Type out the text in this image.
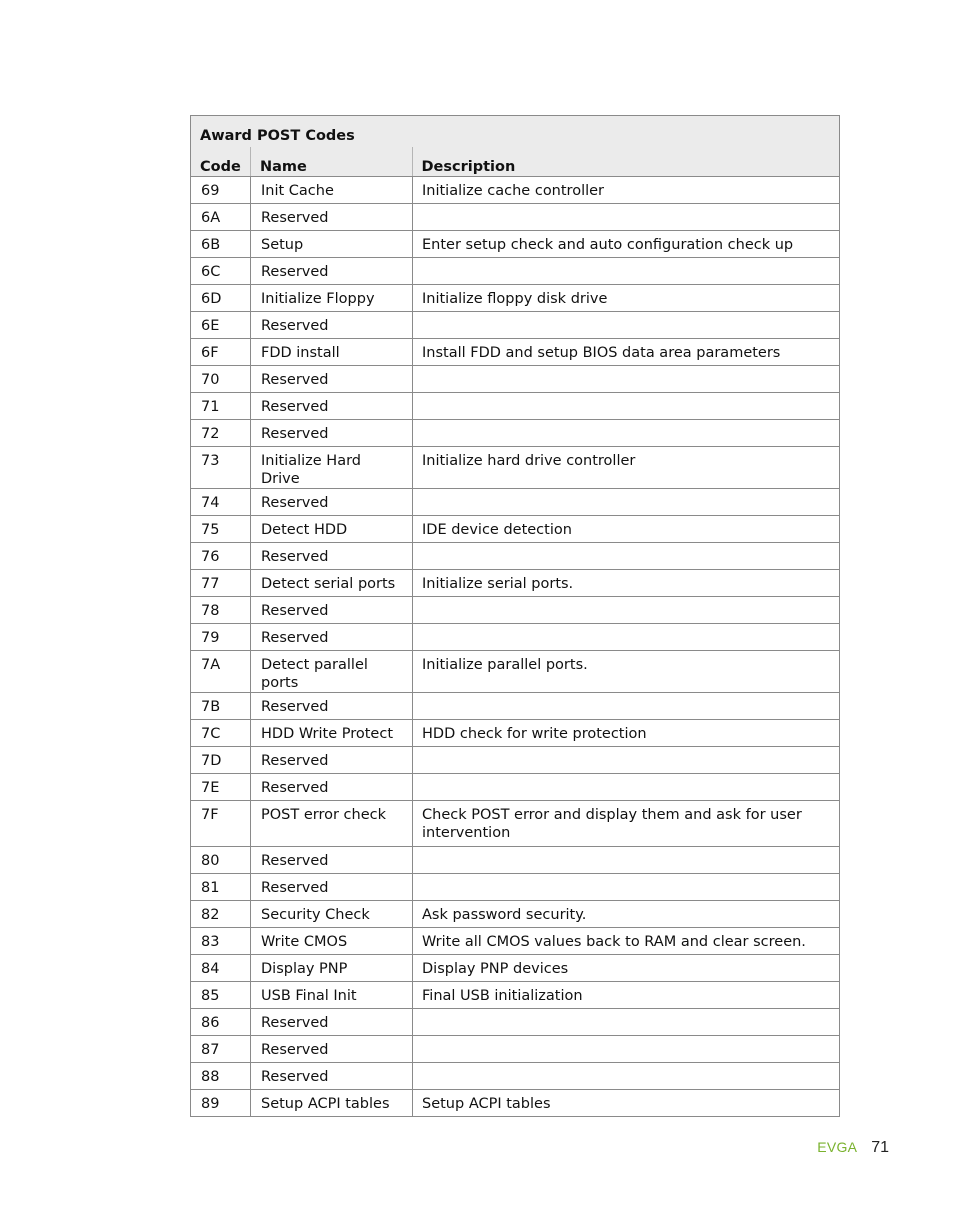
Award POST Codes		
Code	Name	Description
69	Init Cache	Initialize cache controller
6A	Reserved	
6B	Setup	Enter setup check and auto configuration check up
6C	Reserved	
6D	Initialize Floppy	Initialize floppy disk drive
6E	Reserved	
6F	FDD install	Install FDD and setup BIOS data area parameters
70	Reserved	
71	Reserved	
72	Reserved	
73	Initialize Hard Drive	Initialize hard drive controller
74	Reserved	
75	Detect HDD	IDE device detection
76	Reserved	
77	Detect serial ports	Initialize serial ports.
78	Reserved	
79	Reserved	
7A	Detect parallel ports	Initialize parallel ports.
7B	Reserved	
7C	HDD Write Protect	HDD check for write protection
7D	Reserved	
7E	Reserved	
7F	POST error check	Check POST error and display them and ask for user intervention
80	Reserved	
81	Reserved	
82	Security Check	Ask password security.
83	Write CMOS	Write all CMOS values back to RAM and clear screen.
84	Display PNP	Display PNP devices
85	USB Final Init	Final USB initialization
86	Reserved	
87	Reserved	
88	Reserved	
89	Setup ACPI tables	Setup ACPI tables
EVGA 71
